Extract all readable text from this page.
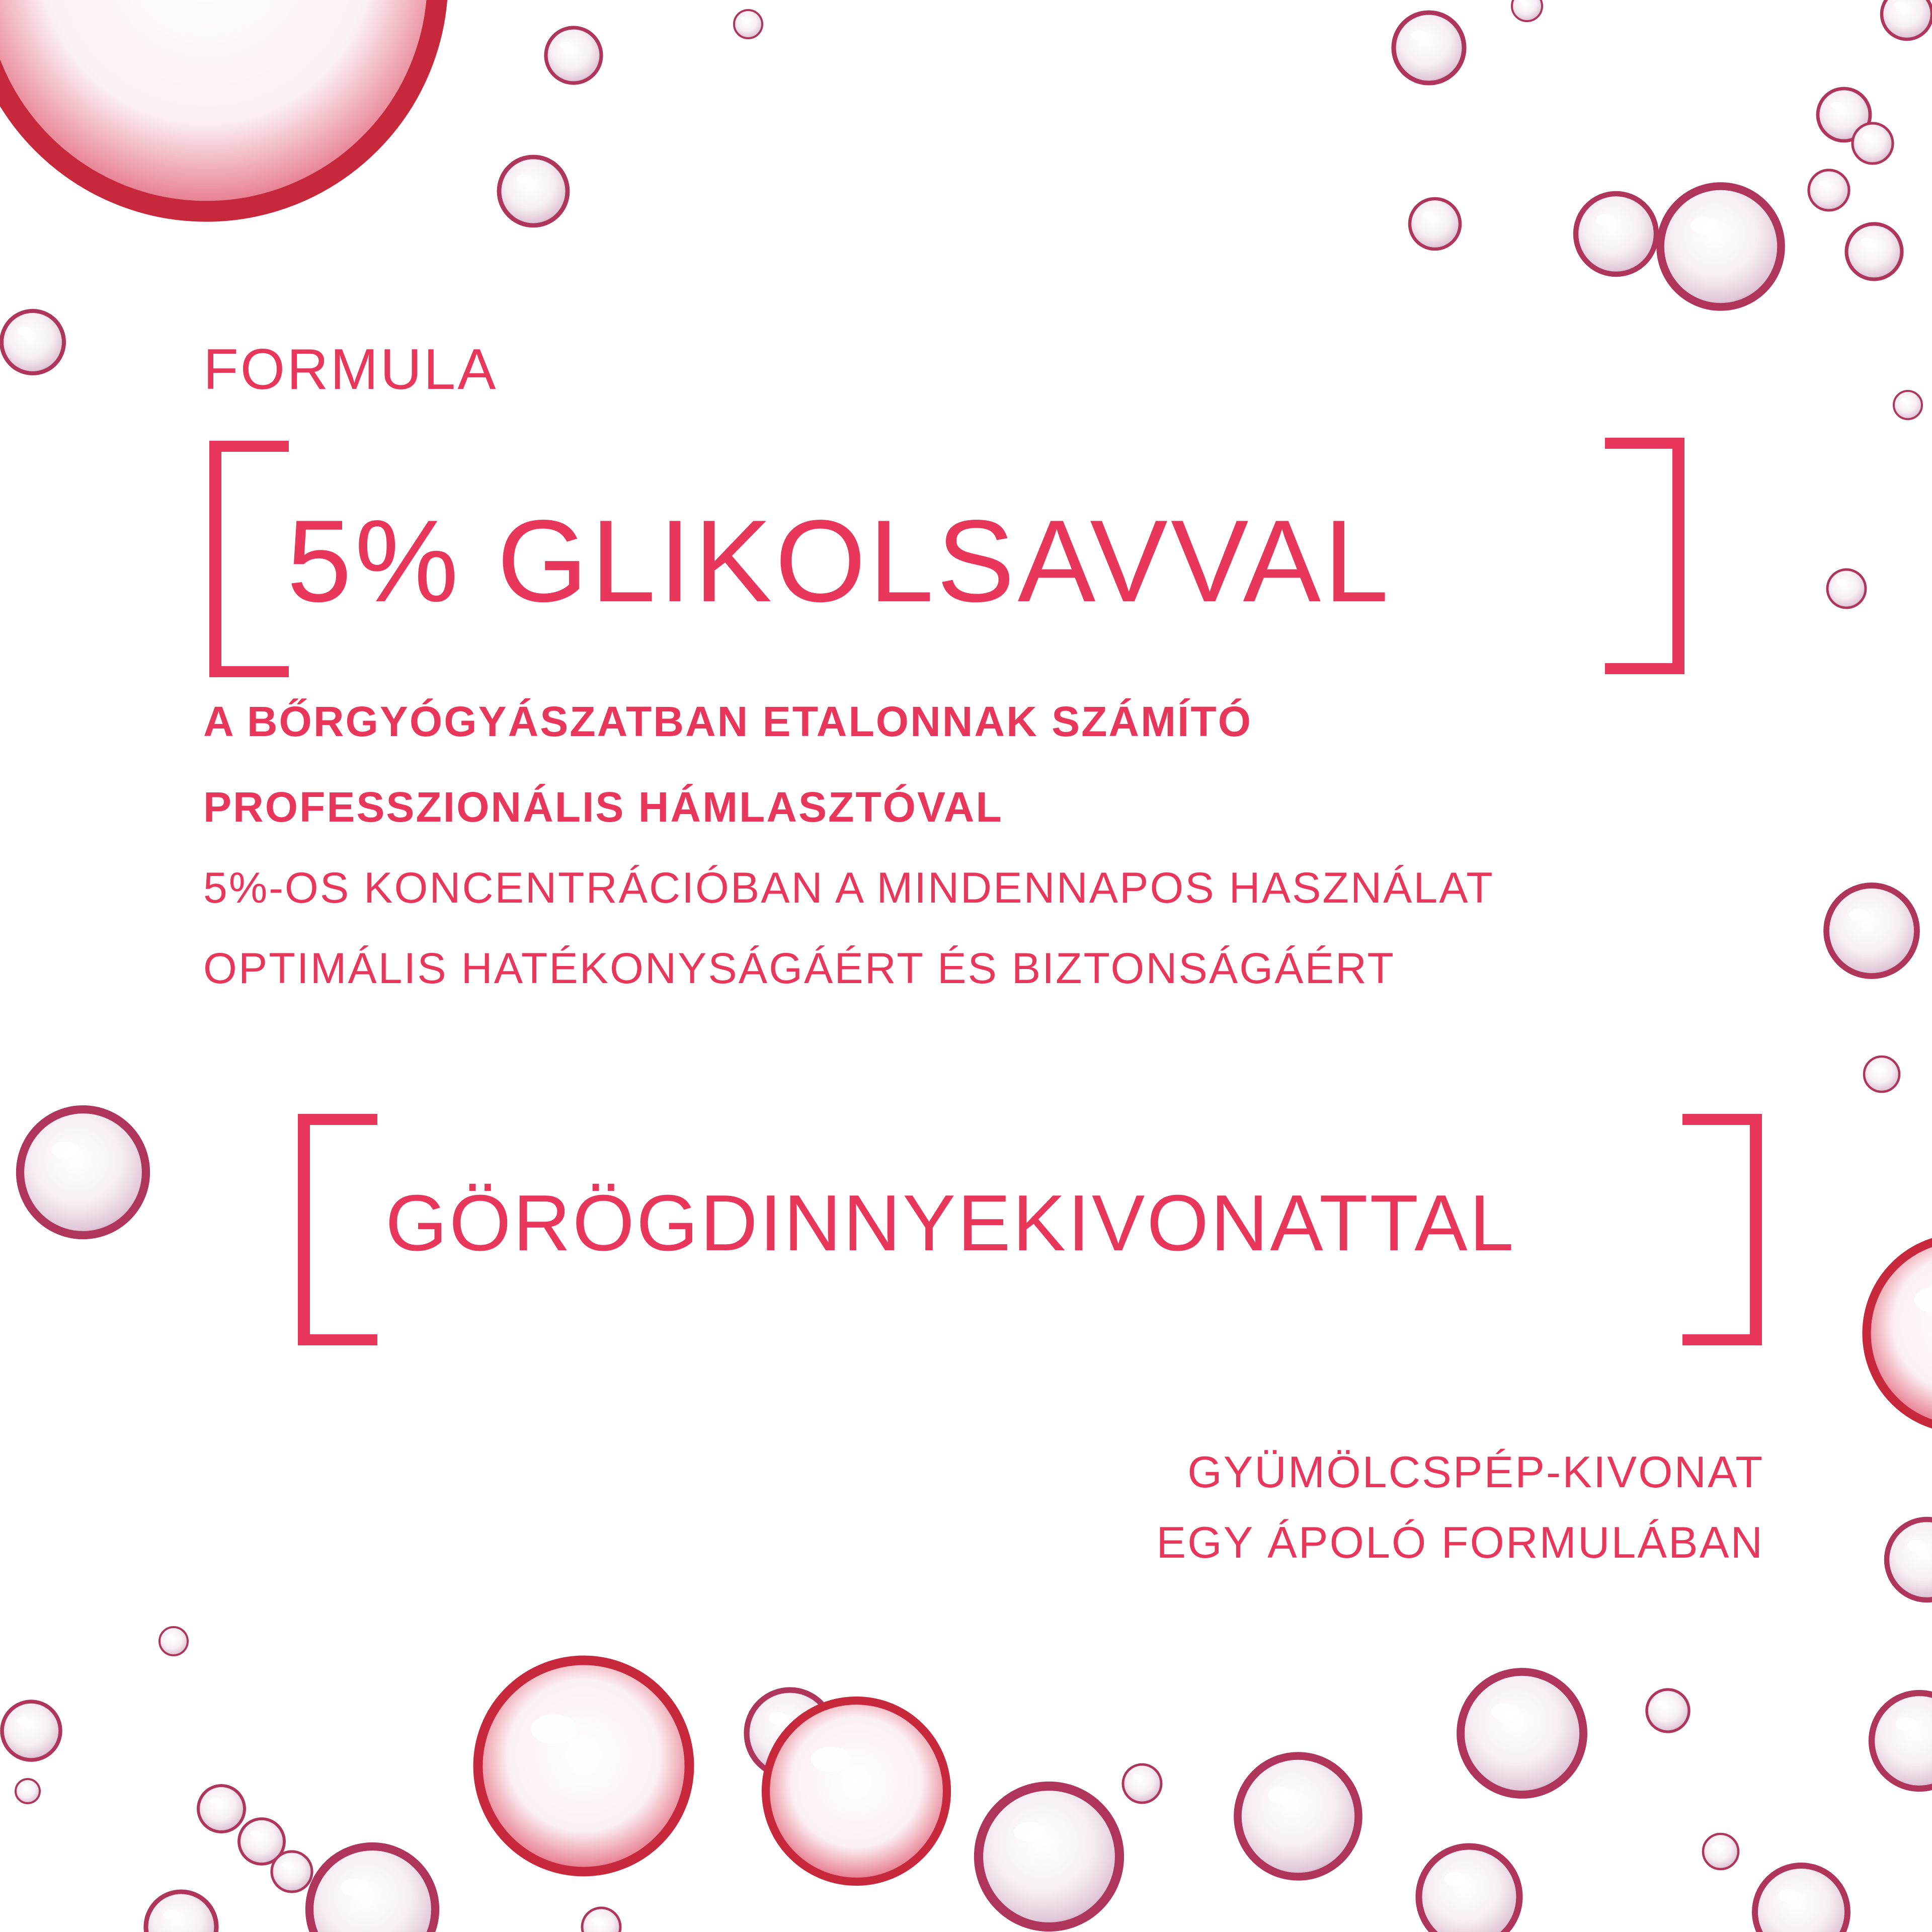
FORMULA

5% GLIKOLSAVVAL

A BŐRGYÓGYÁSZATBAN ETALONNAK SZÁMÍTÓ

PROFESSZIONÁLIS HÁMLASZTÓVAL

5%-OS KONCENTRÁCIÓBAN A MINDENNAPOS HASZNÁLAT

OPTIMÁLIS HATÉKONYSÁGÁÉRT ÉS BIZTONSÁGÁÉRT

GÖRÖGDINNYEKIVONATTAL

GYÜMÖLCSPÉP-KIVONAT

EGY ÁPOLÓ FORMULÁBAN
